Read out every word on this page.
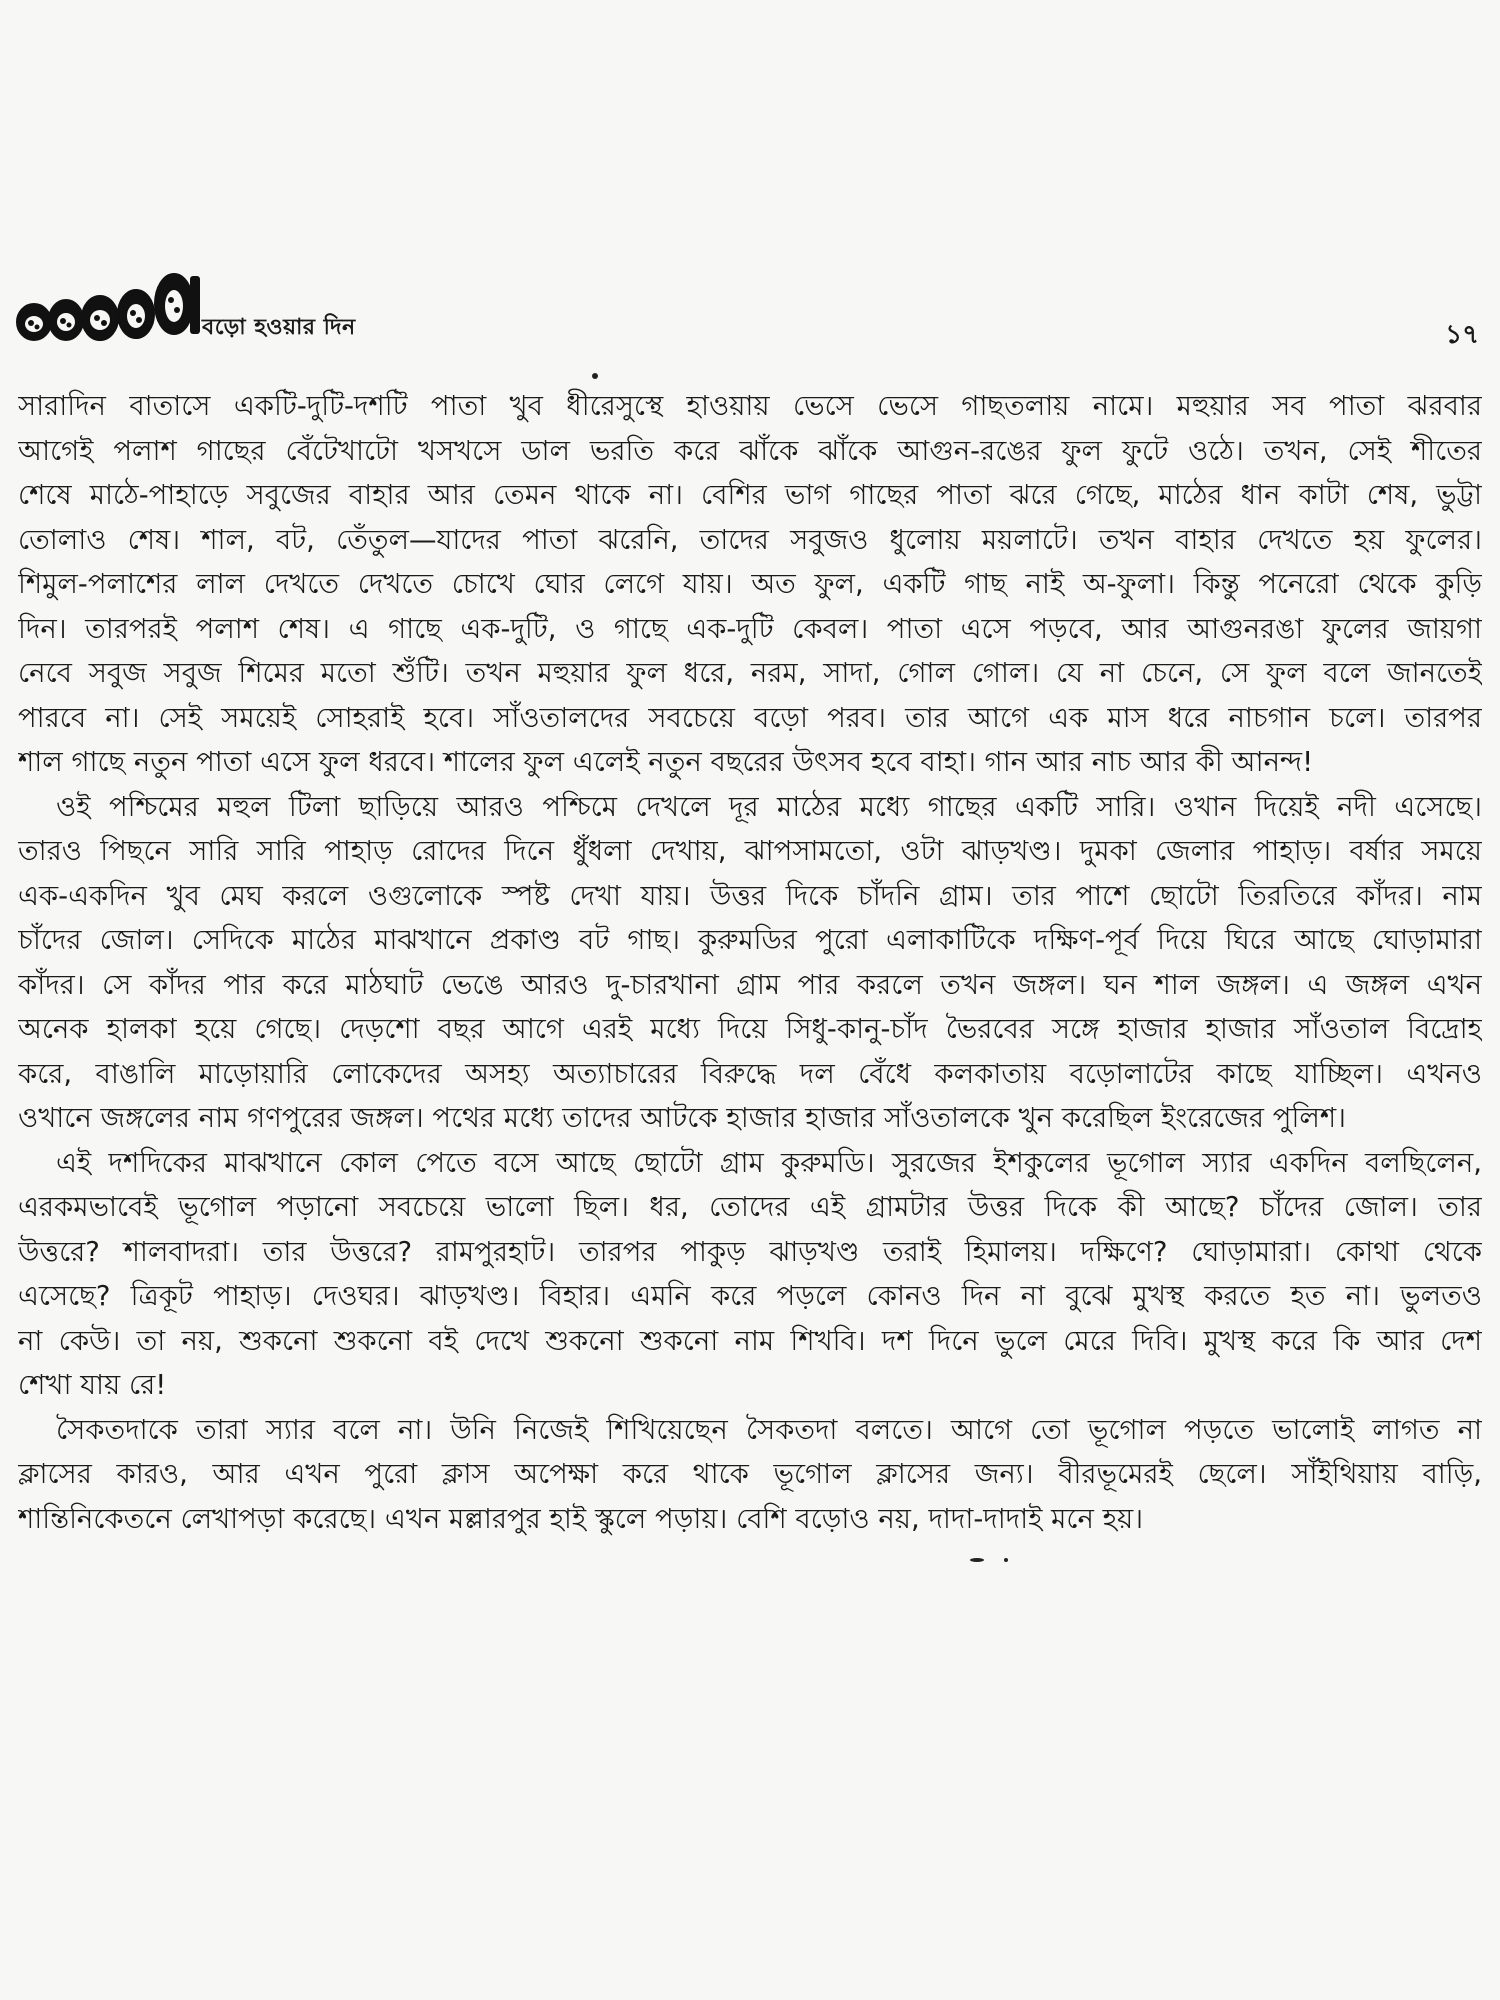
বড়ো হওয়ার দিন	১৭
সারাদিন বাতাসে একটি-দুটি-দশটি পাতা খুব ধীরেসুস্থে হাওয়ায় ভেসে ভেসে গাছতলায় নামে। মহুয়ার সব পাতা ঝরবার
আগেই পলাশ গাছের বেঁটেখাটো খসখসে ডাল ভরতি করে ঝাঁকে ঝাঁকে আগুন-রঙের ফুল ফুটে ওঠে। তখন, সেই শীতের
শেষে মাঠে-পাহাড়ে সবুজের বাহার আর তেমন থাকে না। বেশির ভাগ গাছের পাতা ঝরে গেছে, মাঠের ধান কাটা শেষ, ভুট্টা
তোলাও শেষ। শাল, বট, তেঁতুল—যাদের পাতা ঝরেনি, তাদের সবুজও ধুলোয় ময়লাটে। তখন বাহার দেখতে হয় ফুলের।
শিমুল-পলাশের লাল দেখতে দেখতে চোখে ঘোর লেগে যায়। অত ফুল, একটি গাছ নাই অ-ফুলা। কিন্তু পনেরো থেকে কুড়ি
দিন। তারপরই পলাশ শেষ। এ গাছে এক-দুটি, ও গাছে এক-দুটি কেবল। পাতা এসে পড়বে, আর আগুনরঙা ফুলের জায়গা
নেবে সবুজ সবুজ শিমের মতো শুঁটি। তখন মহুয়ার ফুল ধরে, নরম, সাদা, গোল গোল। যে না চেনে, সে ফুল বলে জানতেই
পারবে না। সেই সময়েই সোহরাই হবে। সাঁওতালদের সবচেয়ে বড়ো পরব। তার আগে এক মাস ধরে নাচগান চলে। তারপর
শাল গাছে নতুন পাতা এসে ফুল ধরবে। শালের ফুল এলেই নতুন বছরের উৎসব হবে বাহা। গান আর নাচ আর কী আনন্দ!
ওই পশ্চিমের মহুল টিলা ছাড়িয়ে আরও পশ্চিমে দেখলে দূর মাঠের মধ্যে গাছের একটি সারি। ওখান দিয়েই নদী এসেছে।
তারও পিছনে সারি সারি পাহাড় রোদের দিনে ধুঁধলা দেখায়, ঝাপসামতো, ওটা ঝাড়খণ্ড। দুমকা জেলার পাহাড়। বর্ষার সময়ে
এক-একদিন খুব মেঘ করলে ওগুলোকে স্পষ্ট দেখা যায়। উত্তর দিকে চাঁদনি গ্রাম। তার পাশে ছোটো তিরতিরে কাঁদর। নাম
চাঁদের জোল। সেদিকে মাঠের মাঝখানে প্রকাণ্ড বট গাছ। কুরুমডির পুরো এলাকাটিকে দক্ষিণ-পূর্ব দিয়ে ঘিরে আছে ঘোড়ামারা
কাঁদর। সে কাঁদর পার করে মাঠঘাট ভেঙে আরও দু-চারখানা গ্রাম পার করলে তখন জঙ্গল। ঘন শাল জঙ্গল। এ জঙ্গল এখন
অনেক হালকা হয়ে গেছে। দেড়শো বছর আগে এরই মধ্যে দিয়ে সিধু-কানু-চাঁদ ভৈরবের সঙ্গে হাজার হাজার সাঁওতাল বিদ্রোহ
করে, বাঙালি মাড়োয়ারি লোকেদের অসহ্য অত্যাচারের বিরুদ্ধে দল বেঁধে কলকাতায় বড়োলাটের কাছে যাচ্ছিল। এখনও
ওখানে জঙ্গলের নাম গণপুরের জঙ্গল। পথের মধ্যে তাদের আটকে হাজার হাজার সাঁওতালকে খুন করেছিল ইংরেজের পুলিশ।
এই দশদিকের মাঝখানে কোল পেতে বসে আছে ছোটো গ্রাম কুরুমডি। সুরজের ইশকুলের ভূগোল স্যার একদিন বলছিলেন,
এরকমভাবেই ভূগোল পড়ানো সবচেয়ে ভালো ছিল। ধর, তোদের এই গ্রামটার উত্তর দিকে কী আছে? চাঁদের জোল। তার
উত্তরে? শালবাদরা। তার উত্তরে? রামপুরহাট। তারপর পাকুড় ঝাড়খণ্ড তরাই হিমালয়। দক্ষিণে? ঘোড়ামারা। কোথা থেকে
এসেছে? ত্রিকূট পাহাড়। দেওঘর। ঝাড়খণ্ড। বিহার। এমনি করে পড়লে কোনও দিন না বুঝে মুখস্থ করতে হত না। ভুলতও
না কেউ। তা নয়, শুকনো শুকনো বই দেখে শুকনো শুকনো নাম শিখবি। দশ দিনে ভুলে মেরে দিবি। মুখস্থ করে কি আর দেশ
শেখা যায় রে!
সৈকতদাকে তারা স্যার বলে না। উনি নিজেই শিখিয়েছেন সৈকতদা বলতে। আগে তো ভূগোল পড়তে ভালোই লাগত না
ক্লাসের কারও, আর এখন পুরো ক্লাস অপেক্ষা করে থাকে ভূগোল ক্লাসের জন্য। বীরভূমেরই ছেলে। সাঁইথিয়ায় বাড়ি,
শান্তিনিকেতনে লেখাপড়া করেছে। এখন মল্লারপুর হাই স্কুলে পড়ায়। বেশি বড়োও নয়, দাদা-দাদাই মনে হয়।
